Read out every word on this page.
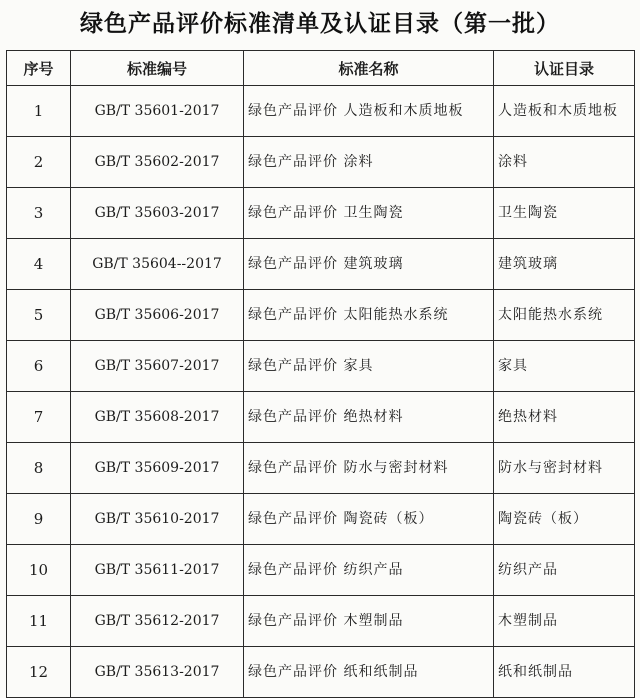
绿色产品评价标准清单及认证目录（第一批）
序号	标准编号	标准名称	认证目录
1	GB/T 35601-2017	绿色产品评价 人造板和木质地板	人造板和木质地板
2	GB/T 35602-2017	绿色产品评价 涂料	涂料
3	GB/T 35603-2017	绿色产品评价 卫生陶瓷	卫生陶瓷
4	GB/T 35604--2017	绿色产品评价 建筑玻璃	建筑玻璃
5	GB/T 35606-2017	绿色产品评价 太阳能热水系统	太阳能热水系统
6	GB/T 35607-2017	绿色产品评价 家具	家具
7	GB/T 35608-2017	绿色产品评价 绝热材料	绝热材料
8	GB/T 35609-2017	绿色产品评价 防水与密封材料	防水与密封材料
9	GB/T 35610-2017	绿色产品评价 陶瓷砖（板）	陶瓷砖（板）
10	GB/T 35611-2017	绿色产品评价 纺织产品	纺织产品
11	GB/T 35612-2017	绿色产品评价 木塑制品	木塑制品
12	GB/T 35613-2017	绿色产品评价 纸和纸制品	纸和纸制品
